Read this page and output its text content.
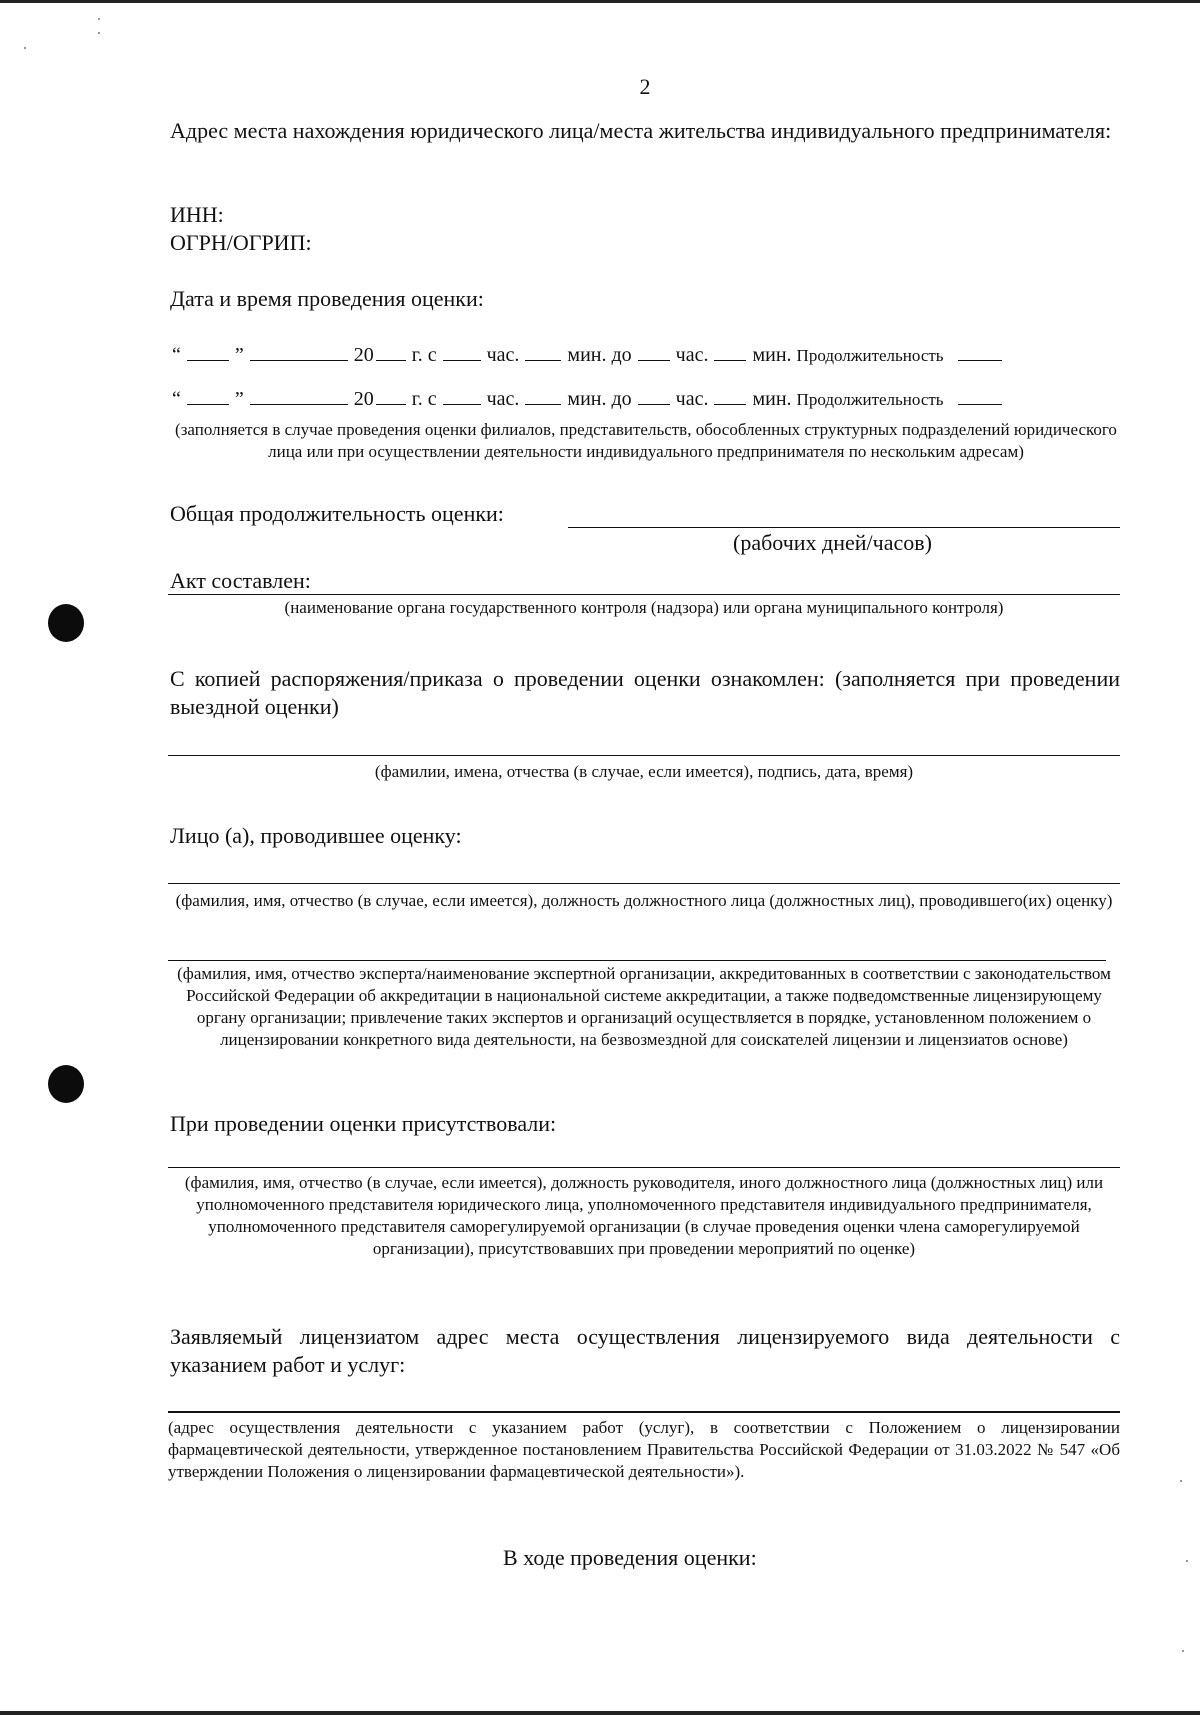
2
Адрес места нахождения юридического лица/места жительства индивидуального предпринимателя:
ИНН:
ОГРН/ОГРИП:
Дата и время проведения оценки:
“	”	20 г. с	час. мин. до час. мин. Продолжительность
“	”	20 г. с	час. мин. до час. мин. Продолжительность
(заполняется в случае проведения оценки филиалов, представительств, обособленных структурных подразделений юридического лица или при осуществлении деятельности индивидуального предпринимателя по нескольким адресам)
Общая продолжительность оценки:
(рабочих дней/часов)
Акт составлен:
(наименование органа государственного контроля (надзора) или органа муниципального контроля)
С копией распоряжения/приказа о проведении оценки ознакомлен: (заполняется при проведении выездной оценки)
(фамилии, имена, отчества (в случае, если имеется), подпись, дата, время)
Лицо (а), проводившее оценку:
(фамилия, имя, отчество (в случае, если имеется), должность должностного лица (должностных лиц), проводившего(их) оценку)
(фамилия, имя, отчество эксперта/наименование экспертной организации, аккредитованных в соответствии с законодательством Российской Федерации об аккредитации в национальной системе аккредитации, а также подведомственные лицензирующему органу организации; привлечение таких экспертов и организаций осуществляется в порядке, установленном положением о лицензировании конкретного вида деятельности, на безвозмездной для соискателей лицензии и лицензиатов основе)
При проведении оценки присутствовали:
(фамилия, имя, отчество (в случае, если имеется), должность руководителя, иного должностного лица (должностных лиц) или уполномоченного представителя юридического лица, уполномоченного представителя индивидуального предпринимателя, уполномоченного представителя саморегулируемой организации (в случае проведения оценки члена саморегулируемой организации), присутствовавших при проведении мероприятий по оценке)
Заявляемый лицензиатом адрес места осуществления лицензируемого вида деятельности с указанием работ и услуг:
(адрес осуществления деятельности с указанием работ (услуг), в соответствии с Положением о лицензировании фармацевтической деятельности, утвержденное постановлением Правительства Российской Федерации от 31.03.2022 № 547 «Об утверждении Положения о лицензировании фармацевтической деятельности»).
В ходе проведения оценки:
